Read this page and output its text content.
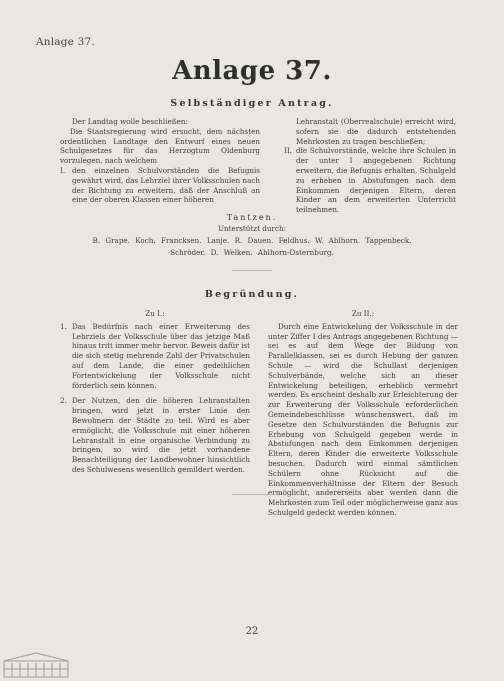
Anlage 37.
Anlage 37.
Selbständiger Antrag.
Der Landtag wolle beschließen:
Die Staatsregierung wird ersucht, dem nächsten ordentlichen Landtage den Entwurf eines neuen Schulgesetzes für das Herzogtum Oldenburg vorzulegen, nach welchem
I. den einzelnen Schulvorständen die Befugnis gewährt wird, das Lehrziel ihrer Volksschulen nach der Richtung zu erweitern, daß der Anschluß an eine der oberen Klassen einer höheren
Lehranstalt (Oberrealschule) erreicht wird, sofern sie die dadurch entstehenden Mehrkosten zu tragen beschließen;
II. die Schulvorstände, welche ihre Schulen in der unter I angegebenen Richtung erweitern, die Befugnis erhalten, Schulgeld zu erheben in Abstufungen nach dem Einkommen derjenigen Eltern, deren Kinder an dem erweiterten Unterricht teilnehmen.
Tantzen.
Unterstützt durch:
B. Grape. Koch. Francksen. Lanje. R. Dauen. Feldhus. W. Ahlhorn. Tappenbeck.
Schröder. D. Welken. Ahlhorn-Osternburg.
Begründung.
Zu I.:
1. Das Bedürfnis nach einer Erweiterung des Lehrziels der Volksschule über das jetzige Maß hinaus tritt immer mehr hervor. Beweis dafür ist die sich stetig mehrende Zahl der Privatschulen auf dem Lande, die einer gedeihlichen Fortentwickelung der Volksschule nicht förderlich sein können.
2. Der Nutzen, den die höheren Lehranstalten bringen, wird jetzt in erster Linie den Bewohnern der Städte zu teil. Wird es aber ermöglicht, die Volksschule mit einer höheren Lehranstalt in eine organische Verbindung zu bringen, so wird die jetzt vorhandene Benachteiligung der Landbewohner hinsichtlich des Schulwesens wesentlich gemildert werden.
Zu II.:
Durch eine Entwickelung der Volksschule in der unter Ziffer I des Antrags angegebenen Richtung — sei es auf dem Wege der Bildung von Parallelklassen, sei es durch Hebung der ganzen Schule — wird die Schullast derjenigen Schulverbände, welche sich an dieser Entwickelung beteiligen, erheblich vermehrt werden. Es erscheint deshalb zur Erleichterung der zur Erweiterung der Volksschule erforderlichen Gemeindebeschlüsse wünschenswert, daß im Gesetze den Schulvorständen die Befugnis zur Erhebung von Schulgeld gegeben werde in Abstufungen nach dem Einkommen derjenigen Eltern, deren Kinder die erweiterte Volksschule besuchen. Dadurch wird einmal sämtlichen Schülern ohne Rücksicht auf die Einkommenverhältnisse der Eltern der Besuch ermöglicht, andererseits aber werden dann die Mehrkosten zum Teil oder möglicherweise ganz aus Schulgeld gedeckt werden können.
22
